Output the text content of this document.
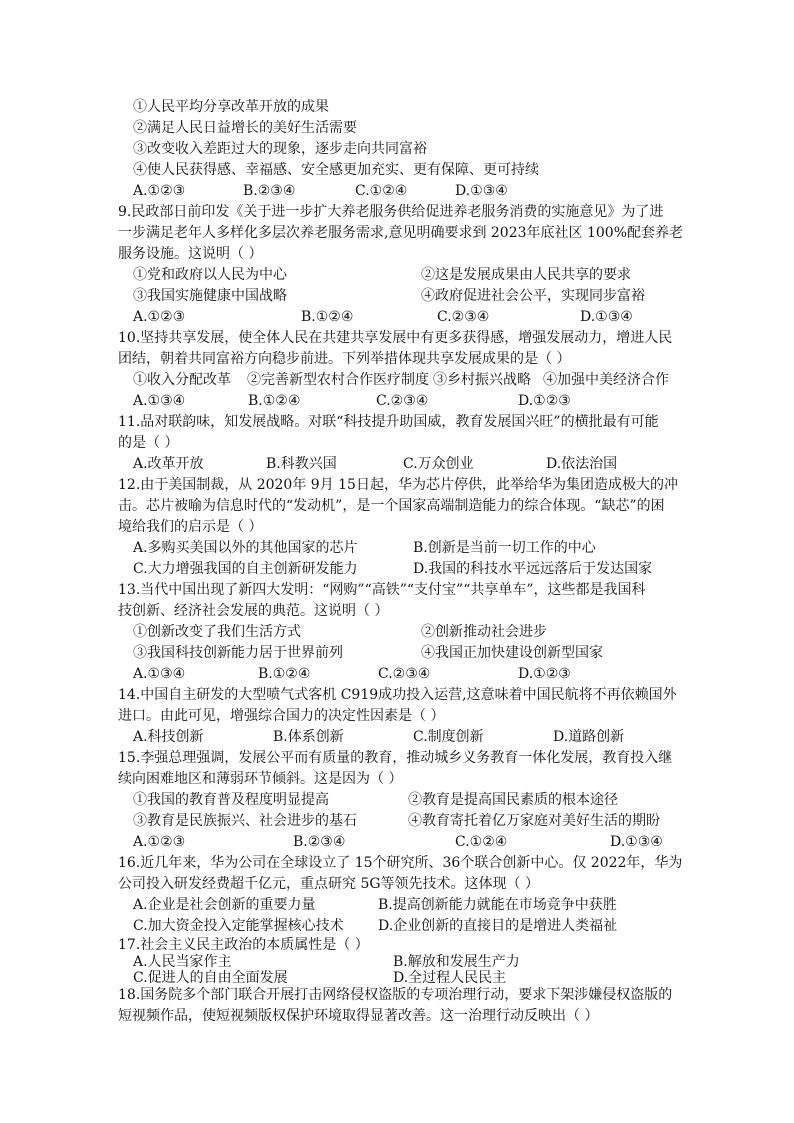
①人民平均分享改革开放的成果
②满足人民日益增长的美好生活需要
③改变收入差距过大的现象，逐步走向共同富裕
④使人民获得感、幸福感、安全感更加充实、更有保障、更可持续
A.①②③	B.②③④	C.①②④	D.①③④
9.民政部日前印发《关于进一步扩大养老服务供给促进养老服务消费的实施意见》为了进
一步满足老年人多样化多层次养老服务需求,意见明确要求到 2023年底社区 100%配套养老
服务设施。这说明（ ）
①党和政府以人民为中心	②这是发展成果由人民共享的要求
③我国实施健康中国战略	④政府促进社会公平，实现同步富裕
A.①②③	B.①②④	C.②③④	D.①③④
10.坚持共享发展，使全体人民在共建共享发展中有更多获得感，增强发展动力，增进人民
团结，朝着共同富裕方向稳步前进。下列举措体现共享发展成果的是（ ）
①收入分配改革 ②完善新型农村合作医疗制度 ③乡村振兴战略 ④加强中美经济合作
A.①③④	B.①②④	C.②③④	D.①②③
11.品对联韵味，知发展战略。对联“科技提升助国威，教育发展国兴旺”的横批最有可能
的是（ ）
A.改革开放	B.科教兴国	C.万众创业	D.依法治国
12.由于美国制裁，从 2020年 9月 15日起，华为芯片停供，此举给华为集团造成极大的冲
击。芯片被喻为信息时代的“发动机”，是一个国家高端制造能力的综合体现。“缺芯”的困
境给我们的启示是（ ）
A.多购买美国以外的其他国家的芯片	B.创新是当前一切工作的中心
C.大力增强我国的自主创新研发能力	D.我国的科技水平远远落后于发达国家
13.当代中国出现了新四大发明：“网购”“高铁”“支付宝”“共享单车”，这些都是我国科
技创新、经济社会发展的典范。这说明（ ）
①创新改变了我们生活方式	②创新推动社会进步
③我国科技创新能力居于世界前列	④我国正加快建设创新型国家
A.①③④	B.①②④	C.②③④	D.①②③
14.中国自主研发的大型喷气式客机 C919成功投入运营,这意味着中国民航将不再依赖国外
进口。由此可见，增强综合国力的决定性因素是（ ）
A.科技创新	B.体系创新	C.制度创新	D.道路创新
15.李强总理强调，发展公平而有质量的教育，推动城乡义务教育一体化发展，教育投入继
续向困难地区和薄弱环节倾斜。这是因为（ ）
①我国的教育普及程度明显提高	②教育是提高国民素质的根本途径
③教育是民族振兴、社会进步的基石	④教育寄托着亿万家庭对美好生活的期盼
A.①②③	B.②③④	C.①②④	D.①③④
16.近几年来，华为公司在全球设立了 15个研究所、36个联合创新中心。仅 2022年，华为
公司投入研发经费超千亿元，重点研究 5G等领先技术。这体现（ ）
A.企业是社会创新的重要力量	B.提高创新能力就能在市场竞争中获胜
C.加大资金投入定能掌握核心技术 D.企业创新的直接目的是增进人类福祉
17.社会主义民主政治的本质属性是（ ）
A.人民当家作主	B.解放和发展生产力
C.促进人的自由全面发展	D.全过程人民民主
18.国务院多个部门联合开展打击网络侵权盗版的专项治理行动，要求下架涉嫌侵权盗版的
短视频作品，使短视频版权保护环境取得显著改善。这一治理行动反映出（ ）
